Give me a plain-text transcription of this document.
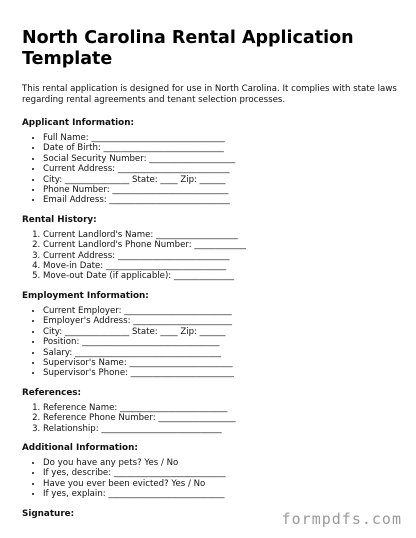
North Carolina Rental Application
Template

This rental application is designed for use in North Carolina. It complies with state laws regarding rental agreements and tenant selection processes.

Applicant Information:
• Full Name: _______________________________
• Date of Birth: ____________________________
• Social Security Number: ____________________
• Current Address: __________________________
• City: _______________ State: ____ Zip: ______
• Phone Number: ___________________________
• Email Address: ____________________________
Rental History:
1. Current Landlord's Name: ___________________
2. Current Landlord's Phone Number: ____________
3. Current Address: __________________________
4. Move-in Date: ____________________________
5. Move-out Date (if applicable): ______________
Employment Information:
• Current Employer: _________________________
• Employer's Address: _______________________
• City: _______________ State: ____ Zip: ______
• Position: ________________________________
• Salary: __________________________________
• Supervisor's Name: ________________________
• Supervisor's Phone: ________________________
References:
1. Reference Name: _________________________
2. Reference Phone Number: __________________
3. Relationship: ____________________________
Additional Information:
• Do you have any pets? Yes / No
• If yes, describe: __________________________
• Have you ever been evicted? Yes / No
• If yes, explain: ___________________________
Signature:	formpdfs.com
